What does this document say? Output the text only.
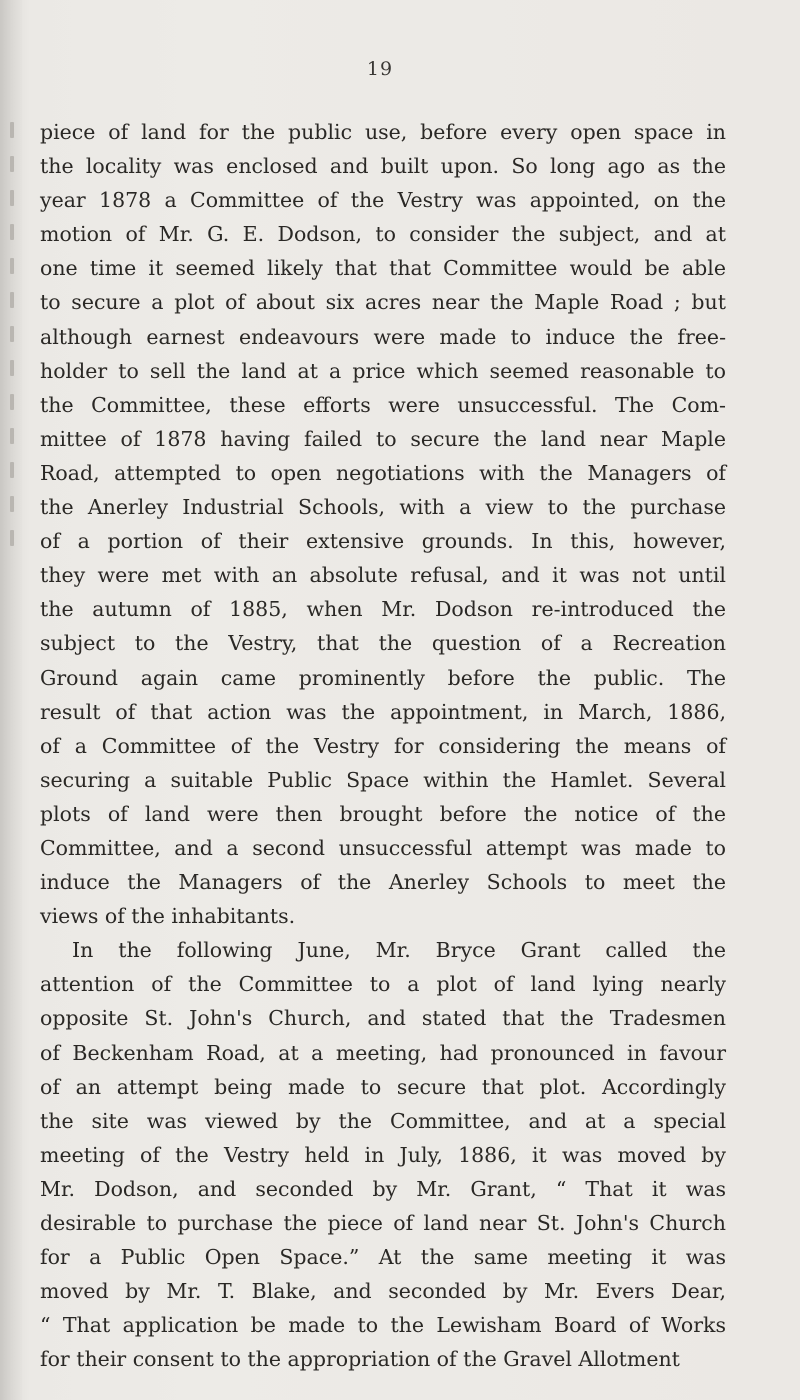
19
piece of land for the public use, before every open space in
the locality was enclosed and built upon. So long ago as the
year 1878 a Committee of the Vestry was appointed, on the
motion of Mr. G. E. Dodson, to consider the subject, and at
one time it seemed likely that that Committee would be able
to secure a plot of about six acres near the Maple Road ; but
although earnest endeavours were made to induce the free-
holder to sell the land at a price which seemed reasonable to
the Committee, these efforts were unsuccessful. The Com-
mittee of 1878 having failed to secure the land near Maple
Road, attempted to open negotiations with the Managers of
the Anerley Industrial Schools, with a view to the purchase
of a portion of their extensive grounds. In this, however,
they were met with an absolute refusal, and it was not until
the autumn of 1885, when Mr. Dodson re-introduced the
subject to the Vestry, that the question of a Recreation
Ground again came prominently before the public. The
result of that action was the appointment, in March, 1886,
of a Committee of the Vestry for considering the means of
securing a suitable Public Space within the Hamlet. Several
plots of land were then brought before the notice of the
Committee, and a second unsuccessful attempt was made to
induce the Managers of the Anerley Schools to meet the
views of the inhabitants.
In the following June, Mr. Bryce Grant called the
attention of the Committee to a plot of land lying nearly
opposite St. John's Church, and stated that the Tradesmen
of Beckenham Road, at a meeting, had pronounced in favour
of an attempt being made to secure that plot. Accordingly
the site was viewed by the Committee, and at a special
meeting of the Vestry held in July, 1886, it was moved by
Mr. Dodson, and seconded by Mr. Grant, “ That it was
desirable to purchase the piece of land near St. John's Church
for a Public Open Space.” At the same meeting it was
moved by Mr. T. Blake, and seconded by Mr. Evers Dear,
“ That application be made to the Lewisham Board of Works
for their consent to the appropriation of the Gravel Allotment
